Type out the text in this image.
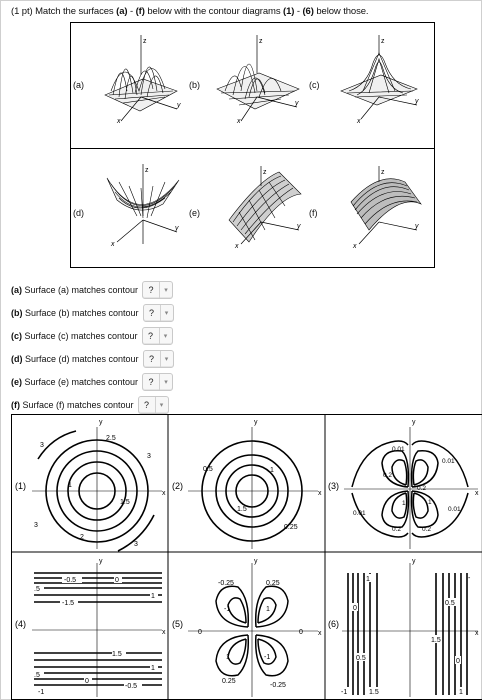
(1 pt) Match the surfaces (a) - (f) below with the contour diagrams (1) - (6) below those.
(a)	(b)	(c)
(d)	(e)	(f)
z
x
y
z
x
y
z
x
y
z
x
y
z
x
y
z
x
y
(a) Surface (a) matches contour	?	▾
(b) Surface (b) matches contour	?	▾
(c) Surface (c) matches contour	?	▾
(d) Surface (d) matches contour	?	▾
(e) Surface (e) matches contour	?	▾
(f) Surface (f) matches contour	?	▾
(1)	(2)	(3)
(4)	(5)	(6)
y
x
1
1.5
2
2.5
3
3
3
3
y
x
0.5	1
1.5
0.25
y
x
0.01
0.01
0.2
0.2
1
0.01
0.01
1
0.2	0.2
y
x
-0.5	0
.5
-1.5
1
1.5
.5
1
0
-0.5
-1
y
x
-0.25	0.25
-1	1
0	0
1	-1
0.25
-0.25
y
x
1
0
0.5
1.5
0.5
0
-1
1.5
1
-
